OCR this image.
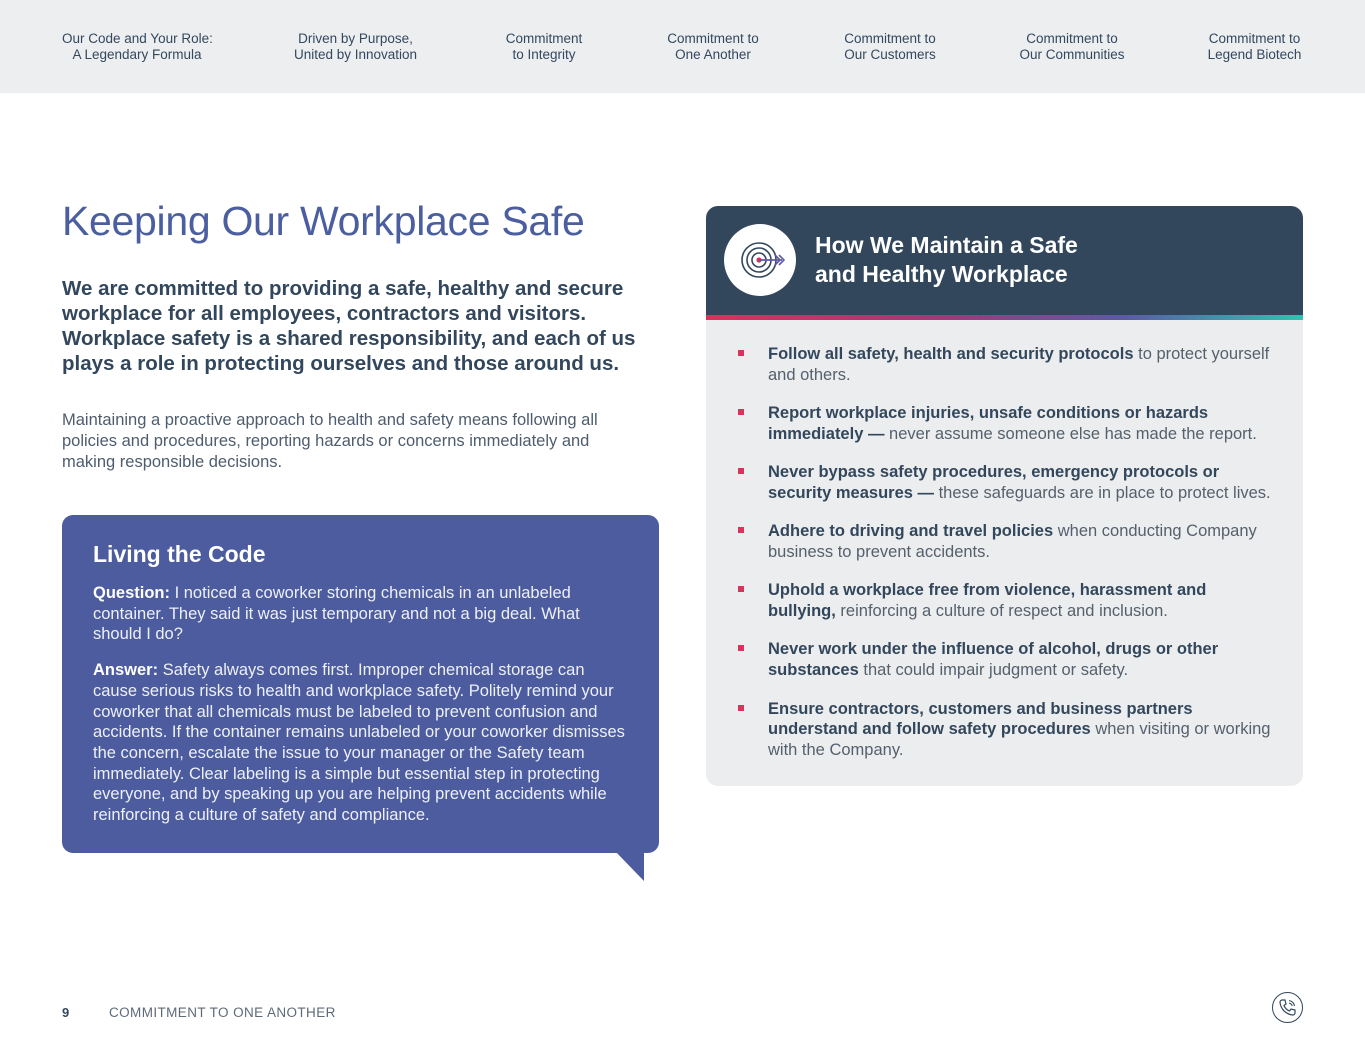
Our Code and Your Role:
A Legendary Formula
Driven by Purpose,
United by Innovation
Commitment
to Integrity
Commitment to
One Another
Commitment to
Our Customers
Commitment to
Our Communities
Commitment to
Legend Biotech
Keeping Our Workplace Safe

We are committed to providing a safe, healthy and secure workplace for all employees, contractors and visitors. Workplace safety is a shared responsibility, and each of us plays a role in protecting ourselves and those around us.

Maintaining a proactive approach to health and safety means following all policies and procedures, reporting hazards or concerns immediately and making responsible decisions.

Living the Code

Question: I noticed a coworker storing chemicals in an unlabeled container. They said it was just temporary and not a big deal. What should I do?

Answer: Safety always comes first. Improper chemical storage can cause serious risks to health and workplace safety. Politely remind your coworker that all chemicals must be labeled to prevent confusion and accidents. If the container remains unlabeled or your coworker dismisses the concern, escalate the issue to your manager or the Safety team immediately. Clear labeling is a simple but essential step in protecting everyone, and by speaking up you are helping prevent accidents while reinforcing a culture of safety and compliance.

How We Maintain a Safe
and Healthy Workplace
Follow all safety, health and security protocols to protect yourself and others.
Report workplace injuries, unsafe conditions or hazards immediately — never assume someone else has made the report.
Never bypass safety procedures, emergency protocols or security measures — these safeguards are in place to protect lives.
Adhere to driving and travel policies when conducting Company business to prevent accidents.
Uphold a workplace free from violence, harassment and bullying, reinforcing a culture of respect and inclusion.
Never work under the influence of alcohol, drugs or other substances that could impair judgment or safety.
Ensure contractors, customers and business partners understand and follow safety procedures when visiting or working with the Company.
9	COMMITMENT TO ONE ANOTHER
